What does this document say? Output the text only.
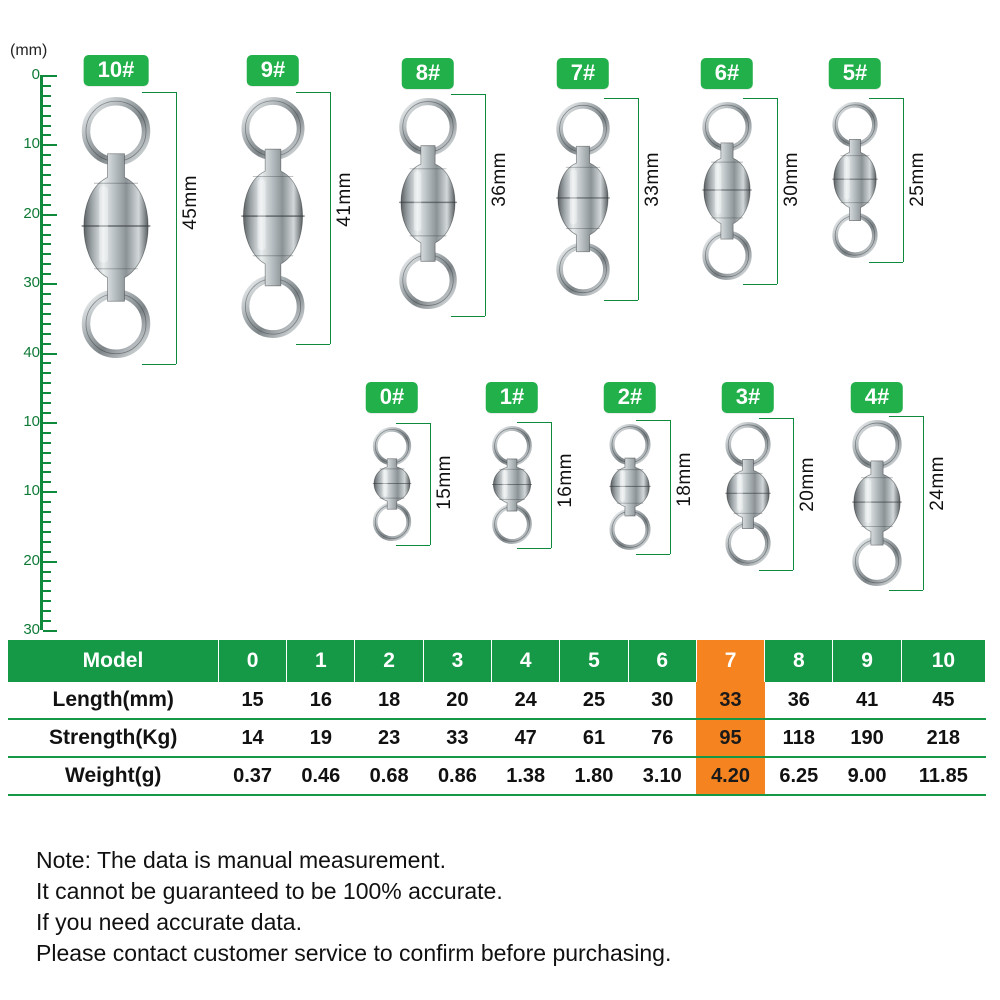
(mm)
0
10
20
30
40
10
10
20
30
10#
45mm
9#
41mm
8#
36mm
7#
33mm
6#
30mm
5#
25mm
0#
15mm
1#
16mm
2#
18mm
3#
20mm
4#
24mm
Model	0	1	2	3	4	5	6	7	8	9	10
Length(mm)	15	16	18	20	24	25	30	33	36	41	45
Strength(Kg)	14	19	23	33	47	61	76	95	118	190	218
Weight(g)	0.37	0.46	0.68	0.86	1.38	1.80	3.10	4.20	6.25	9.00	11.85
Note: The data is manual measurement.
It cannot be guaranteed to be 100% accurate.
If you need accurate data.
Please contact customer service to confirm before purchasing.
